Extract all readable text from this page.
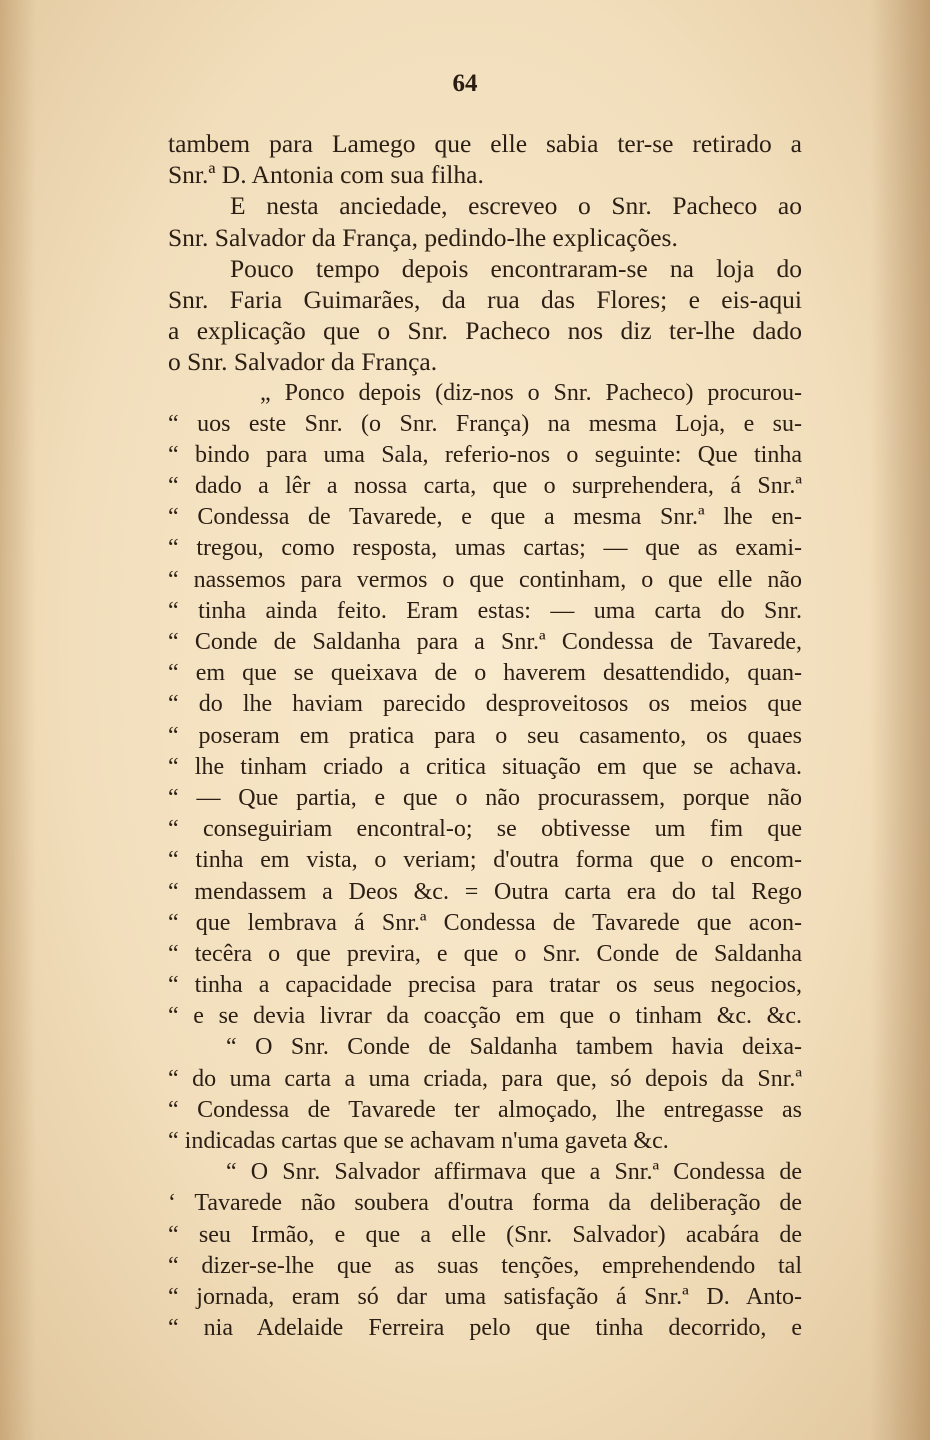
64
tambem para Lamego que elle sabia ter-se retirado a
Snr.ª D. Antonia com sua filha.
E nesta anciedade, escreveo o Snr. Pacheco ao
Snr. Salvador da França, pedindo-lhe explicações.
Pouco tempo depois encontraram-se na loja do
Snr. Faria Guimarães, da rua das Flores; e eis-aqui
a explicação que o Snr. Pacheco nos diz ter-lhe dado
o Snr. Salvador da França.
„ Ponco depois (diz-nos o Snr. Pacheco) procurou-
“ uos este Snr. (o Snr. França) na mesma Loja, e su-
“ bindo para uma Sala, referio-nos o seguinte: Que tinha
“ dado a lêr a nossa carta, que o surprehendera, á Snr.ª
“ Condessa de Tavarede, e que a mesma Snr.ª lhe en-
“ tregou, como resposta, umas cartas; — que as exami-
“ nassemos para vermos o que continham, o que elle não
“ tinha ainda feito. Eram estas: — uma carta do Snr.
“ Conde de Saldanha para a Snr.ª Condessa de Tavarede,
“ em que se queixava de o haverem desattendido, quan-
“ do lhe haviam parecido desproveitosos os meios que
“ poseram em pratica para o seu casamento, os quaes
“ lhe tinham criado a critica situação em que se achava.
“ — Que partia, e que o não procurassem, porque não
“ conseguiriam encontral-o; se obtivesse um fim que
“ tinha em vista, o veriam; d'outra forma que o encom-
“ mendassem a Deos &c. = Outra carta era do tal Rego
“ que lembrava á Snr.ª Condessa de Tavarede que acon-
“ tecêra o que previra, e que o Snr. Conde de Saldanha
“ tinha a capacidade precisa para tratar os seus negocios,
“ e se devia livrar da coacção em que o tinham &c. &c.
“ O Snr. Conde de Saldanha tambem havia deixa-
“ do uma carta a uma criada, para que, só depois da Snr.ª
“ Condessa de Tavarede ter almoçado, lhe entregasse as
“ indicadas cartas que se achavam n'uma gaveta &c.
“ O Snr. Salvador affirmava que a Snr.ª Condessa de
‘ Tavarede não soubera d'outra forma da deliberação de
“ seu Irmão, e que a elle (Snr. Salvador) acabára de
“ dizer-se-lhe que as suas tenções, emprehendendo tal
“ jornada, eram só dar uma satisfação á Snr.ª D. Anto-
“ nia Adelaide Ferreira pelo que tinha decorrido, e
